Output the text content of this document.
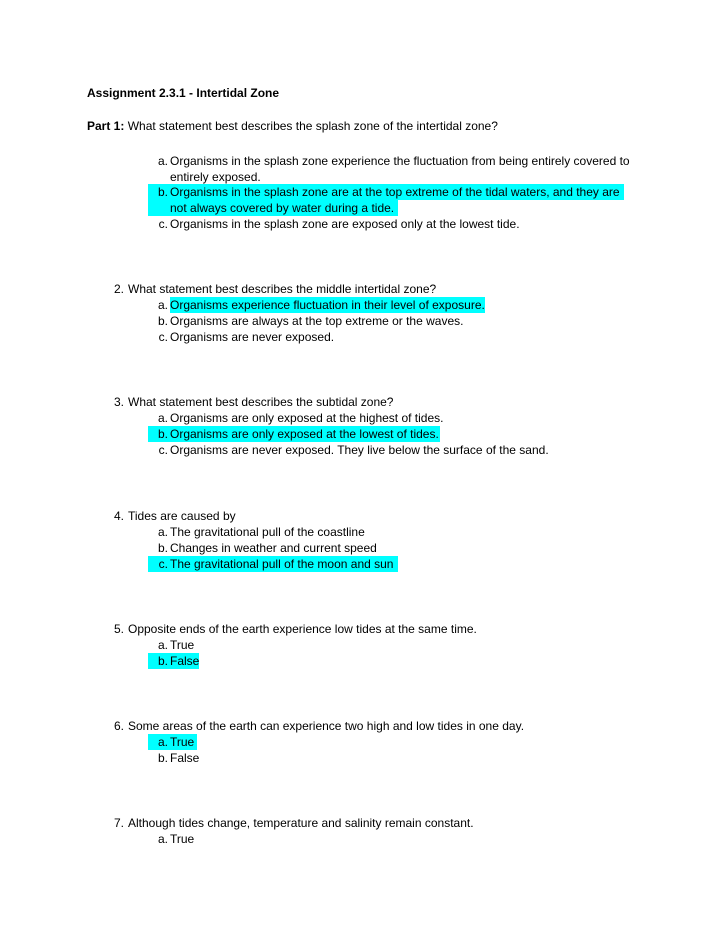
Assignment 2.3.1 - Intertidal Zone
Part 1: What statement best describes the splash zone of the intertidal zone?
a. Organisms in the splash zone experience the fluctuation from being entirely covered to
entirely exposed.
b. Organisms in the splash zone are at the top extreme of the tidal waters, and they are
not always covered by water during a tide.
c. Organisms in the splash zone are exposed only at the lowest tide.
2. What statement best describes the middle intertidal zone?
a. Organisms experience fluctuation in their level of exposure.
b. Organisms are always at the top extreme or the waves.
c. Organisms are never exposed.
3. What statement best describes the subtidal zone?
a. Organisms are only exposed at the highest of tides.
b. Organisms are only exposed at the lowest of tides.
c. Organisms are never exposed. They live below the surface of the sand.
4. Tides are caused by
a. The gravitational pull of the coastline
b. Changes in weather and current speed
c. The gravitational pull of the moon and sun
5. Opposite ends of the earth experience low tides at the same time.
a. True
b. False
6. Some areas of the earth can experience two high and low tides in one day.
a. True
b. False
7. Although tides change, temperature and salinity remain constant.
a. True
